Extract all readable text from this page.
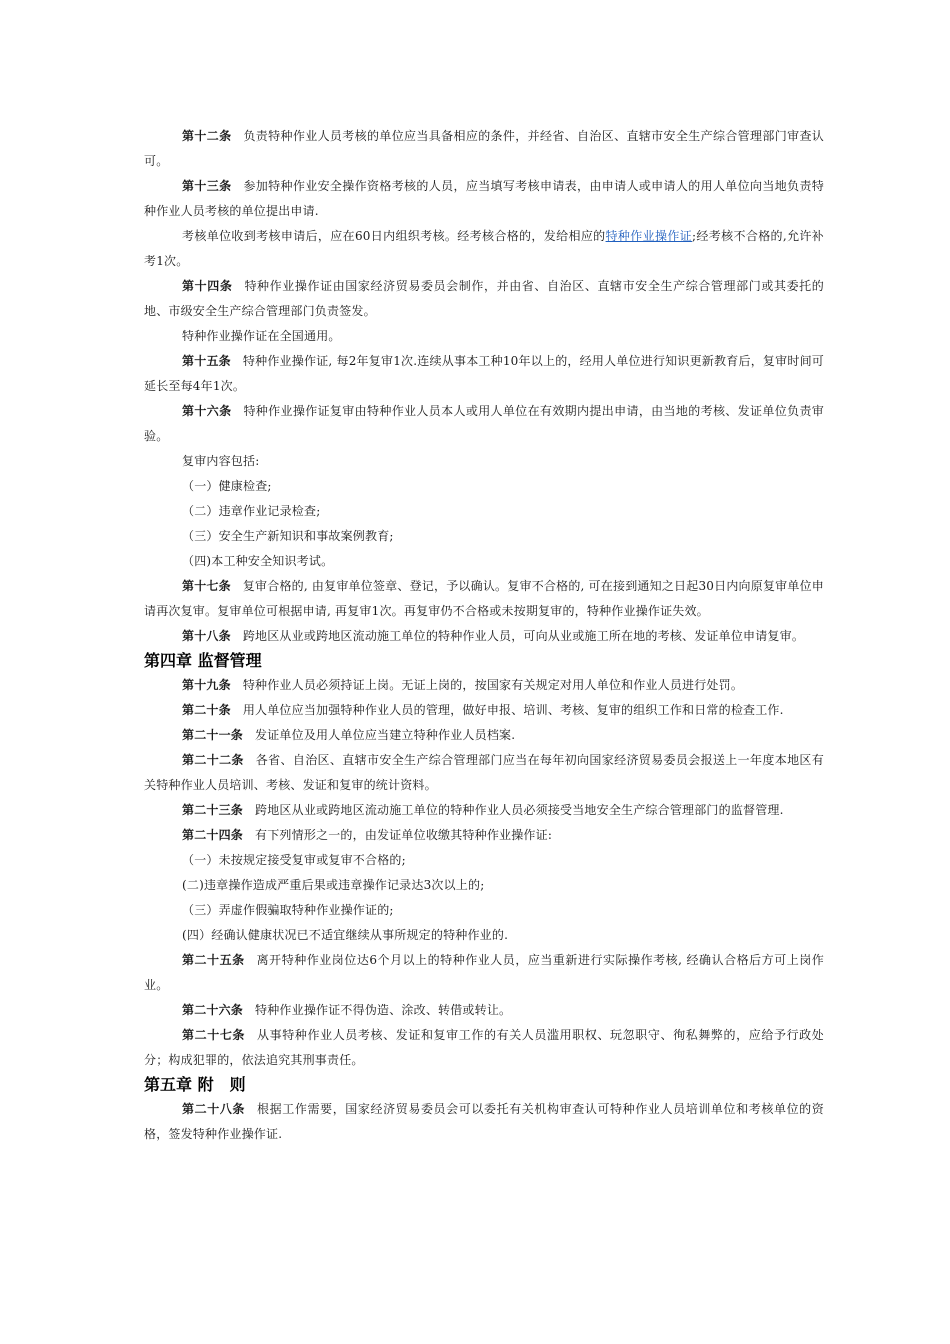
第十二条 负责特种作业人员考核的单位应当具备相应的条件，并经省、自治区、直辖市安全生产综合管理部门审查认可。

第十三条 参加特种作业安全操作资格考核的人员，应当填写考核申请表，由申请人或申请人的用人单位向当地负责特种作业人员考核的单位提出申请.

考核单位收到考核申请后，应在60日内组织考核。经考核合格的，发给相应的特种作业操作证;经考核不合格的,允许补考1次。

第十四条 特种作业操作证由国家经济贸易委员会制作，并由省、自治区、直辖市安全生产综合管理部门或其委托的地、市级安全生产综合管理部门负责签发。

特种作业操作证在全国通用。

第十五条 特种作业操作证, 每2年复审1次.连续从事本工种10年以上的，经用人单位进行知识更新教育后，复审时间可延长至每4年1次。

第十六条 特种作业操作证复审由特种作业人员本人或用人单位在有效期内提出申请，由当地的考核、发证单位负责审验。

复审内容包括:

（一）健康检查;

（二）违章作业记录检查;

（三）安全生产新知识和事故案例教育;

（四)本工种安全知识考试。

第十七条 复审合格的, 由复审单位签章、登记，予以确认。复审不合格的, 可在接到通知之日起30日内向原复审单位申请再次复审。复审单位可根据申请, 再复审1次。再复审仍不合格或未按期复审的，特种作业操作证失效。

第十八条 跨地区从业或跨地区流动施工单位的特种作业人员，可向从业或施工所在地的考核、发证单位申请复审。

第四章 监督管理

第十九条 特种作业人员必须持证上岗。无证上岗的，按国家有关规定对用人单位和作业人员进行处罚。

第二十条 用人单位应当加强特种作业人员的管理，做好申报、培训、考核、复审的组织工作和日常的检查工作.

第二十一条 发证单位及用人单位应当建立特种作业人员档案.

第二十二条 各省、自治区、直辖市安全生产综合管理部门应当在每年初向国家经济贸易委员会报送上一年度本地区有关特种作业人员培训、考核、发证和复审的统计资料。

第二十三条 跨地区从业或跨地区流动施工单位的特种作业人员必须接受当地安全生产综合管理部门的监督管理.

第二十四条 有下列情形之一的，由发证单位收缴其特种作业操作证:

（一）未按规定接受复审或复审不合格的;

(二)违章操作造成严重后果或违章操作记录达3次以上的;

（三）弄虚作假骗取特种作业操作证的;

(四）经确认健康状况已不适宜继续从事所规定的特种作业的.

第二十五条 离开特种作业岗位达6个月以上的特种作业人员，应当重新进行实际操作考核, 经确认合格后方可上岗作业。

第二十六条 特种作业操作证不得伪造、涂改、转借或转让。

第二十七条 从事特种作业人员考核、发证和复审工作的有关人员滥用职权、玩忽职守、徇私舞弊的，应给予行政处分；构成犯罪的，依法追究其刑事责任。

第五章 附　则

第二十八条 根据工作需要，国家经济贸易委员会可以委托有关机构审查认可特种作业人员培训单位和考核单位的资格，签发特种作业操作证.
